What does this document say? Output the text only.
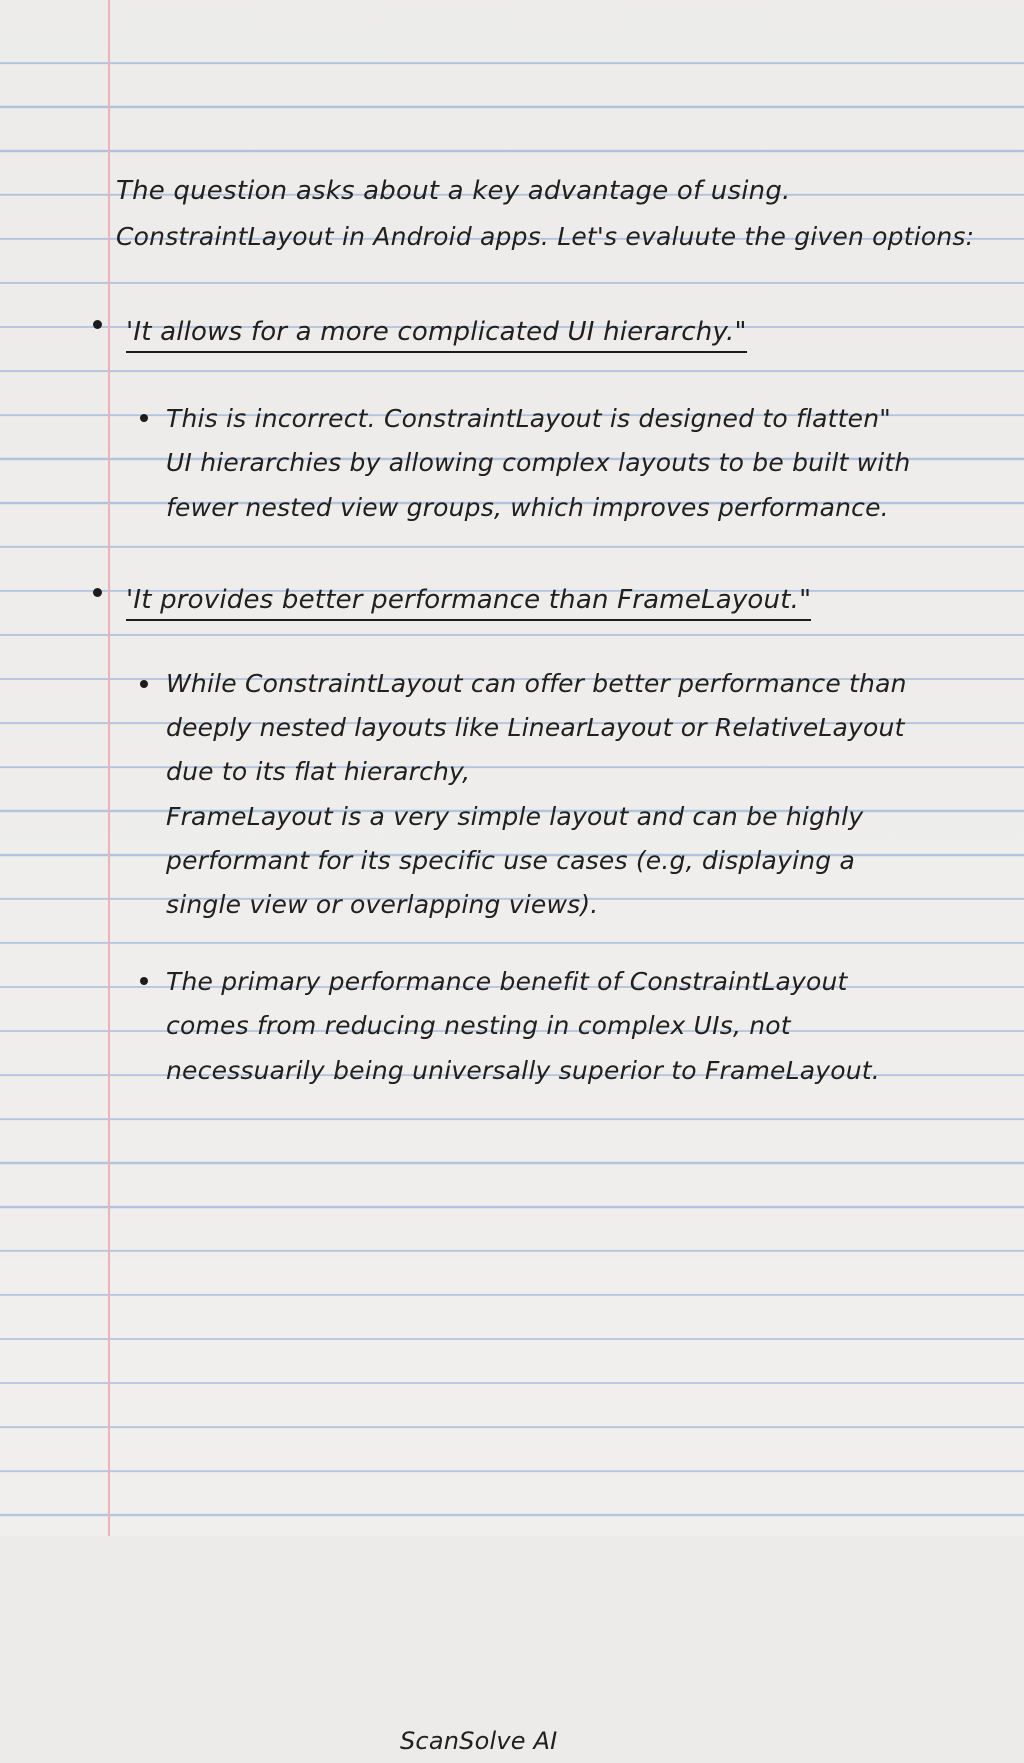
The question asks about a key advantage of using.
ConstraintLayout in Android apps. Let's evaluute the given options:
'It allows for a more complicated UI hierarchy."
This is incorrect. ConstraintLayout is designed to flatten"
UI hierarchies by allowing complex layouts to be built with
fewer nested view groups, which improves performance.
'It provides better performance than FrameLayout."
While ConstraintLayout can offer better performance than
deeply nested layouts like LinearLayout or RelativeLayout
due to its flat hierarchy,
FrameLayout is a very simple layout and can be highly
performant for its specific use cases (e.g, displaying a
single view or overlapping views).
The primary performance benefit of ConstraintLayout
comes from reducing nesting in complex UIs, not
necessuarily being universally superior to FrameLayout.
ScanSolve AI
